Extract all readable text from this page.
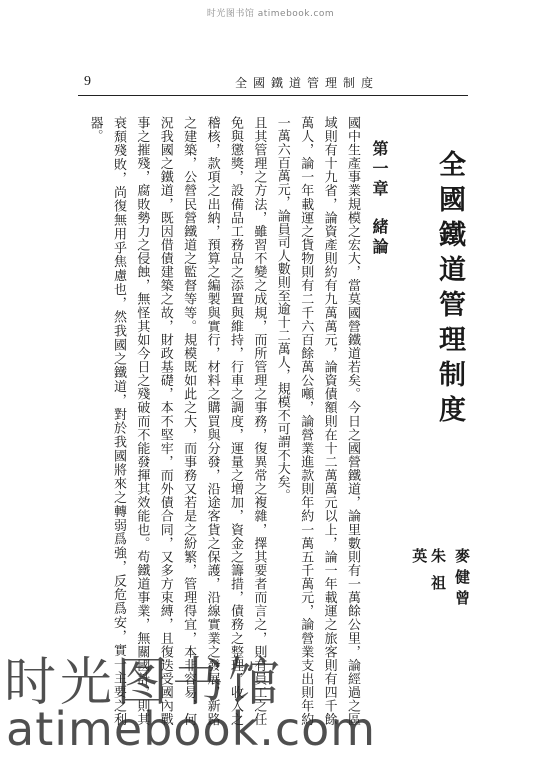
时光图书馆 atimebook.com
9	全國鐵道管理制度
全國鐵道管理制度
麥健曾
朱祖英
第一章緒論

國中生產事業規模之宏大，當莫國營鐵道若矣。今日之國營鐵道，論里數則有一萬餘公里，論經過之區域則有十九省，論資產則約有九萬萬元，論資債額則在十二萬萬元以上，論一年載運之旅客則有四千餘萬人，論一年載運之貨物則有二千六百餘萬公噸，論營業進款則年約一萬五千萬元，論營業支出則年約一萬六百萬元，論員司人數則至逾十二萬人，規模不可謂不大矣。

且其管理之方法，雖習不變之成規，而所管理之事務，復異常之複雜，擇其要者而言之，則有員工之任免與懲獎，設備品工務品之添置與維持，行車之調度，運量之增加，資金之籌措，債務之整理，收入之稽核，款項之出納，預算之編製與實行，材料之購買與分發，沿途客貨之保護，沿線實業之發展，新路之建築，公營民營鐵道之監督等等。規模既如此之大，而事務又若是之紛繁，管理得宜，本非容易，何況我國之鐵道，既因借債建築之故，財政基礎，本不堅牢，而外債合同，又多方束縛，且復迭受國內戰事之摧殘，腐敗勢力之侵蝕，無怪其如今日之殘破而不能發揮其效能也。苟鐵道事業，無關國計，則其衰頹殘敗，尚復無用乎焦慮也，然我國之鐵道，對於我國將來之轉弱爲強，反危爲安，實一主要之利器。

时光图书馆
atimebook.com
